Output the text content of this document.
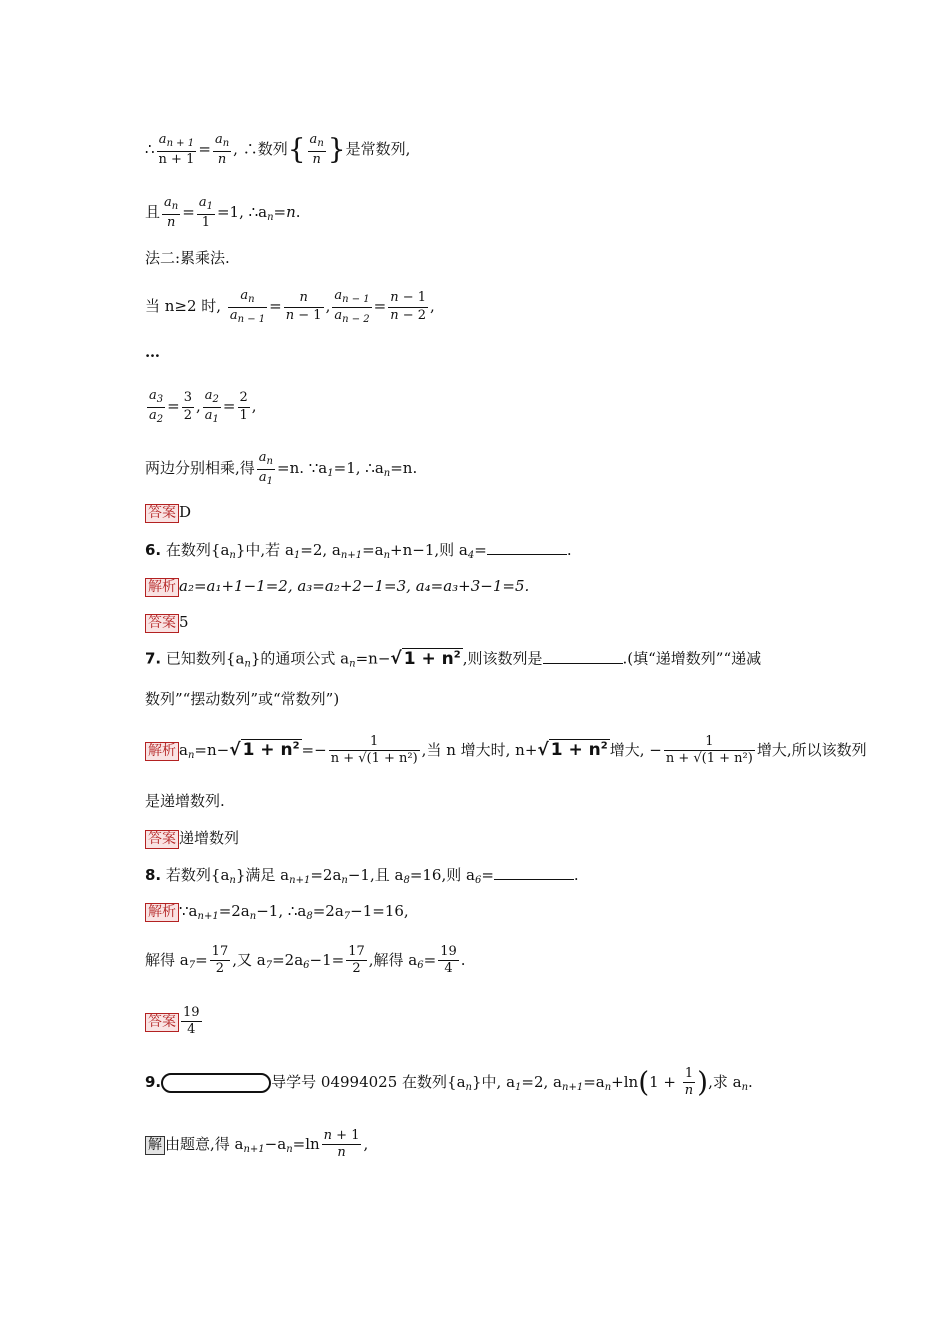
∴ $\frac{a_{n + 1}}{n + 1} = \frac{a_n}{n}$ , ∴数列{ $\frac{a_n}{n}$ }是常数列,
且 $\frac{a_n}{n} = \frac{a_1}{1} =1$, $\therefore a_n=n$.
法二:累乘法.
当 n≥2 时, $\frac{a_n}{a_{n - 1}} = \frac{n}{n - 1}$ , $\frac{a_{n - 1}}{a_{n - 2}} = \frac{n - 1}{n - 2}$ ,
…
$\frac{a_3}{a_2} = \frac{3}{2}$ , $\frac{a_2}{a_1} = \frac{2}{1}$ ,
两边分别相乘,得 $\frac{a_n}{a_1} =n$. $\because a_1=1$, $\therefore a_n=n$.
答案 D
6. 在数列$\{a_n\}$中,若 $a_1=2$, $a_{n+1}=a_n+n-1$,则 $a_4=$	.
解析 a₂=a₁+1−1=2, a₃=a₂+2−1=3, a₄=a₃+3−1=5.
答案 5
7. 已知数列$\{a_n\}$的通项公式 $a_n=n-√$ $1 + n^2$ ,则该数列是	.(填“递增数列”“递减
数列”“摆动数列”或“常数列”)
解析 $a_n=n-√$ $1 + n^2 =- \frac{1}{\text{n + √(1 + n²)}}$ ,当 n 增大时, n+√ $1 + n^2$ 增大, − $\frac{1}{\text{n + √(1 + n²)}}$ 增大,所以该数列
是递增数列.
答案 递增数列
8. 若数列$\{a_n\}$满足 $a_{n+1}=2a_n-1$,且 $a_8=16$,则 $a_6=$	.
解析 $\because a_{n+1}=2a_n-1$, $\therefore a_8=2a_7-1=16$,
解得 $a_7= \frac{17}{2}$ ,又 $a_7=2a_6-1= \frac{17}{2}$ ,解得 $a_6= \frac{19}{4}$ .
答案 $\frac{19}{4}$
9.	导学号 04994025 在数列$\{a_n\}$中, $a_1=2$, $a_{n+1}=a_n+\ln(1 + \frac{1}{n}$ ),求 $a_n$.
解 由题意,得 $a_{n+1}-a_n=\ln \frac{n + 1}{n}$ ,
